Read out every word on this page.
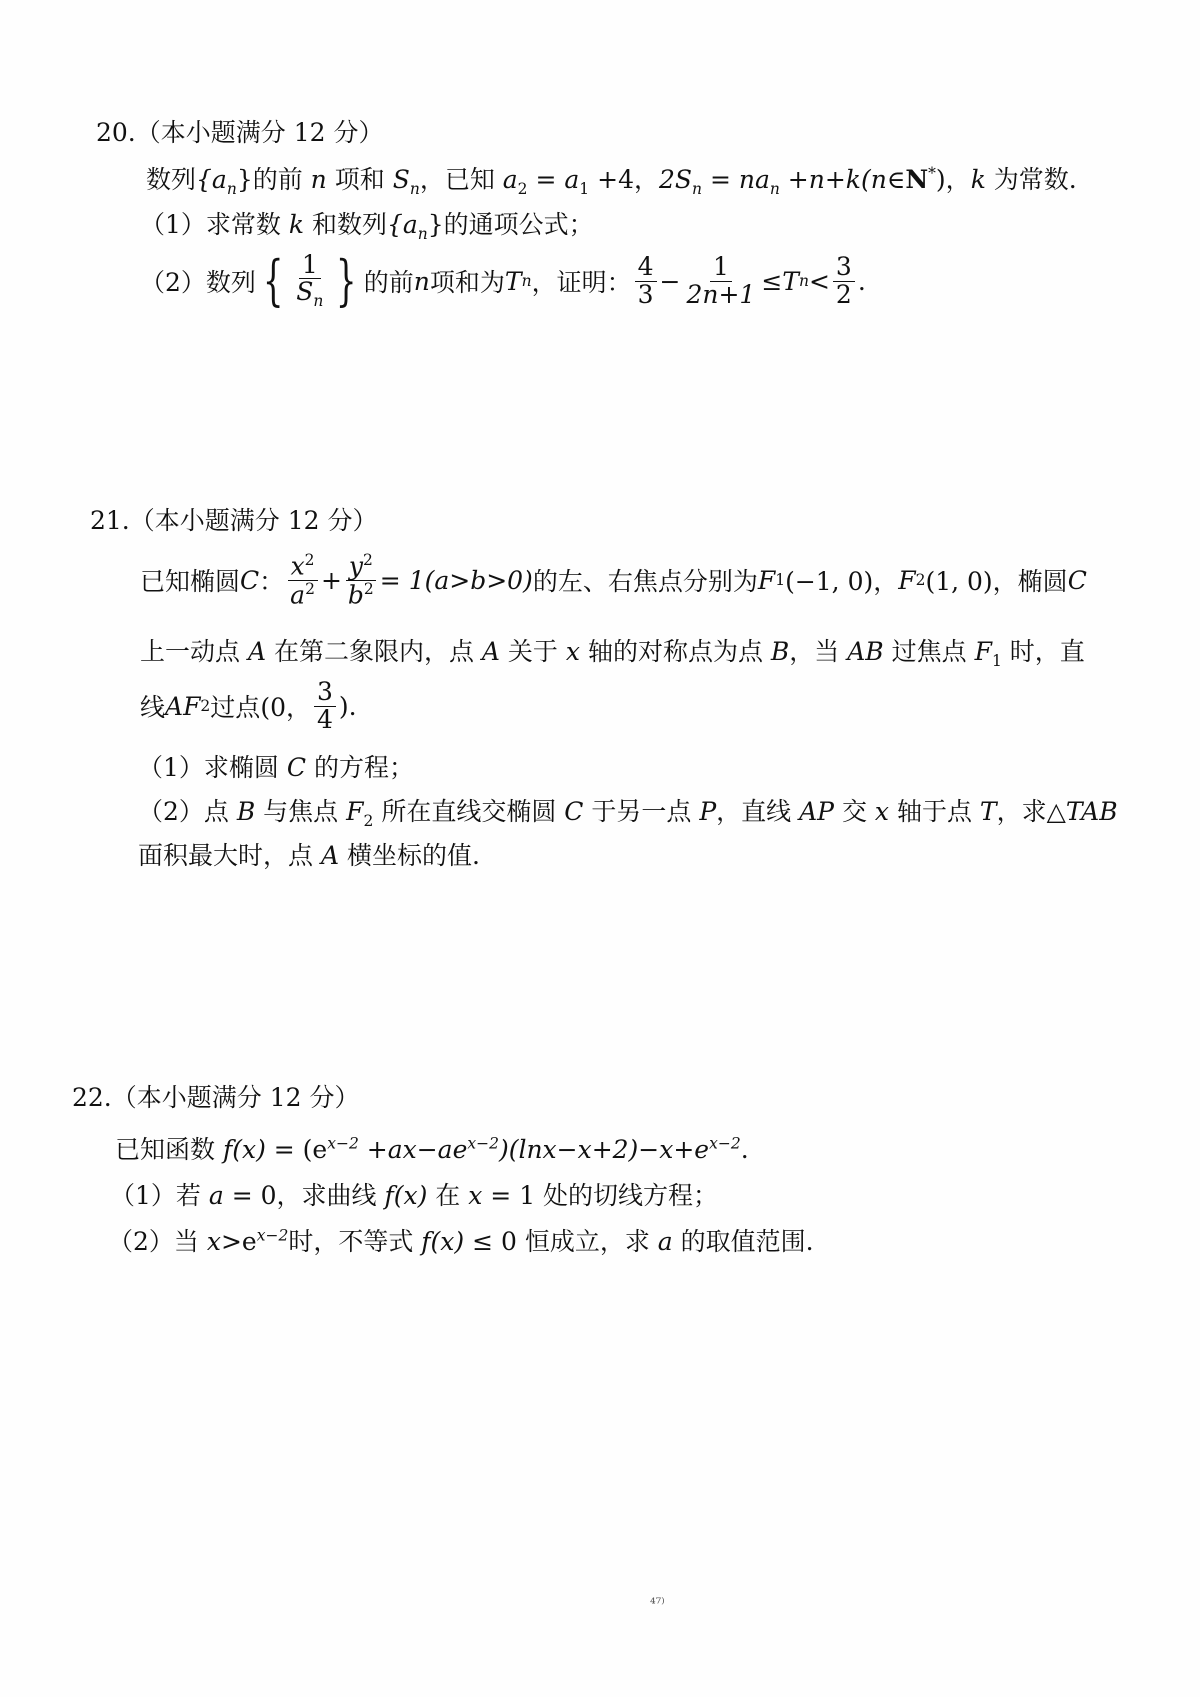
20.（本小题满分 12 分）
数列$\{a_n\}$的前 n 项和 $S_n$，已知 $a_2 = a_1 +4$，$2S_n = na_n$ +n+k(n∈N*)，k 为常数.
（1）求常数 k 和数列$\{a_n\}$的通项公式；
（2） 数列 { $\frac{1}{S_n}$ } 的前 n 项和为 T n ，证明： $\frac{4}{3} - \frac{1}{2n+1} \le T$ $n < \frac{3}{2}$ .
21.（本小题满分 12 分）
已知椭圆 C ： $\frac{x^2}{a^2} + \frac{y^2}{b^2} = 1(a>b>0)$ 的左、右焦点分别为 F 1 (−1, 0)， F 2 (1, 0)，椭圆 C
上一动点 A 在第二象限内，点 A 关于 x 轴的对称点为点 B，当 AB 过焦点 $F_1$ 时，直
线 AF 2 过点 (0， $\frac{3}{4}$ ).
（1）求椭圆 C 的方程；
（2）点 B 与焦点 $F_2$ 所在直线交椭圆 C 于另一点 P，直线 AP 交 x 轴于点 T，求△TAB
面积最大时，点 A 横坐标的值.
22.（本小题满分 12 分）
已知函数 $f(x) = (e^{x-2} +ax-ae^{x-2})(\ln x-x+2)-x+e^{x-2}$.
（1）若 a = 0，求曲线 f(x) 在 x = 1 处的切线方程；
（2）当 $x>e^{x-2}$时，不等式 f(x) ≤ 0 恒成立，求 a 的取值范围.
⁴⁷⁾
